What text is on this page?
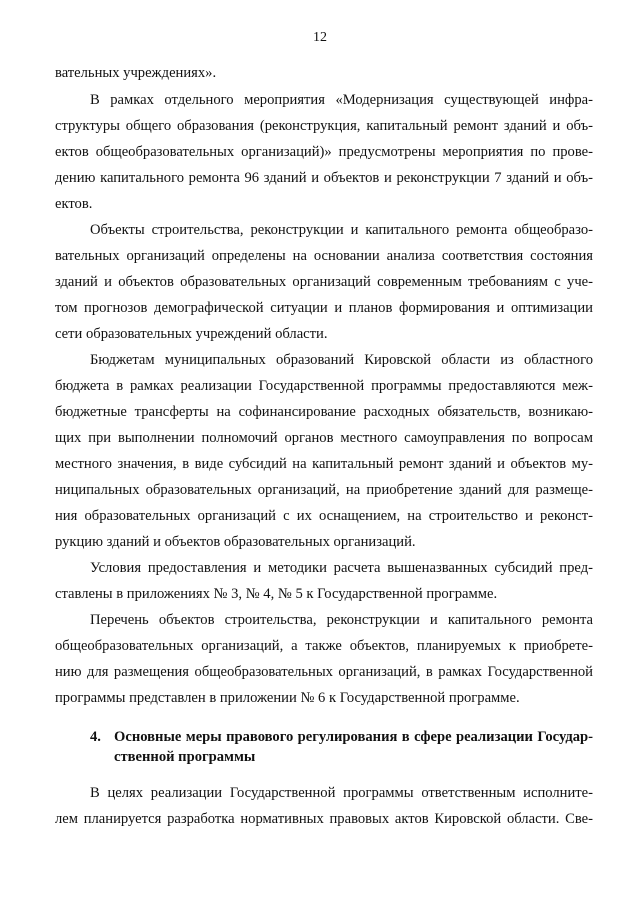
12
вательных учреждениях».
В рамках отдельного мероприятия «Модернизация существующей инфра-
структуры общего образования (реконструкция, капитальный ремонт зданий и объ-
ектов общеобразовательных организаций)» предусмотрены мероприятия по прове-
дению капитального ремонта 96 зданий и объектов и реконструкции 7 зданий и объ-
ектов.
Объекты строительства, реконструкции и капитального ремонта общеобразо-
вательных организаций определены на основании анализа соответствия состояния
зданий и объектов образовательных организаций современным требованиям с уче-
том прогнозов демографической ситуации и планов формирования и оптимизации
сети образовательных учреждений области.
Бюджетам муниципальных образований Кировской области из областного
бюджета в рамках реализации Государственной программы предоставляются меж-
бюджетные трансферты на софинансирование расходных обязательств, возникаю-
щих при выполнении полномочий органов местного самоуправления по вопросам
местного значения, в виде субсидий на капитальный ремонт зданий и объектов му-
ниципальных образовательных организаций, на приобретение зданий для размеще-
ния образовательных организаций с их оснащением, на строительство и реконст-
рукцию зданий и объектов образовательных организаций.
Условия предоставления и методики расчета вышеназванных субсидий пред-
ставлены в приложениях № 3, № 4, № 5 к Государственной программе.
Перечень объектов строительства, реконструкции и капитального ремонта
общеобразовательных организаций, а также объектов, планируемых к приобрете-
нию для размещения общеобразовательных организаций, в рамках Государственной
программы представлен в приложении № 6 к Государственной программе.
4. Основные меры правового регулирования в сфере реализации Государ-
ственной программы
В целях реализации Государственной программы ответственным исполните-
лем планируется разработка нормативных правовых актов Кировской области. Све-
